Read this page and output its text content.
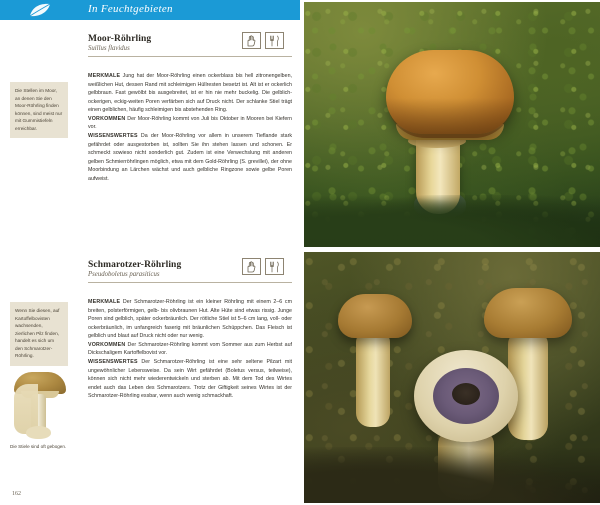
In Feuchtgebieten
Moor-Röhrling
Suillus flavidus
Die Stellen im Moor, an denen Sie den Moor-Röhrling finden können, sind meist nur mit Gummistiefeln erreichbar.

MERKMALE Jung hat der Moor-Röhrling einen ockerblass bis hell zitronengelben, weißlichen Hut, dessen Rand mit schleimigen Hüllresten besetzt ist. Alt ist er ockerlich gelbbraun. Fast gewölbt bis ausgebreitet, ist er hin nie mehr buckelig. Die gelblich-ockerigen, eckig-weiten Poren verfärben sich auf Druck nicht. Der schlanke Stiel trägt einen gelblichen, häufig schleimigen bis abstehenden Ring.

VORKOMMEN Der Moor-Röhrling kommt von Juli bis Oktober in Mooren bei Kiefern vor.

WISSENSWERTES Da der Moor-Röhrling vor allem in unserem Tieflande stark gefährdet oder ausgestorben ist, sollten Sie ihn stehen lassen und schonen. Er schmeckt sowieso nicht sonderlich gut. Zudem ist eine Verwechslung mit anderen gelben Schmierröhrlingen möglich, etwa mit dem Gold-Röhrling (S. grevillei), der ohne Moorbindung an Lärchen wächst und auch gelbliche Ringzone sowie gelbe Poren aufweist.

Schmarotzer-Röhrling
Pseudoboletus parasiticus

MERKMALE Der Schmarotzer-Röhrling ist ein kleiner Röhrling mit einem 2–6 cm breiten, polsterförmigen, gelb- bis olivbraunen Hut. Alte Hüte sind etwas rissig. Junge Poren sind gelblich, später ockerbräunlich. Der rötliche Stiel ist 5–6 cm lang, voll- oder ockerbräunlich, im unfangreich faserig mit bräunlichen Schüppchen. Das Fleisch ist gelblich und blaut auf Druck nicht oder nur wenig.

VORKOMMEN Der Schmarotzer-Röhrling kommt vom Sommer aus zum Herbst auf Dickschaligem Kartoffelbovist vor.

WISSENSWERTES Der Schmarotzer-Röhrling ist eine sehr seltene Pilzart mit ungewöhnlicher Lebensweise. Da sein Wirt gefährdet (Boletus versus, teilweise), können sich nicht mehr wiederentwickeln und sterben ab. Mit dem Tod des Wirtes endet auch das Leben des Schmarotzers. Trotz der Giftigkeit seines Wirtes ist der Schmarotzer-Röhrling essbar, wenn auch wenig schmackhaft.

Wenn Sie diesen, auf Kartoffelbovisten wachsenden, zierlichen Pilz finden, handelt es sich um den Schmarotzer-Röhrling.
Die Stiele sind oft gebogen.
162
